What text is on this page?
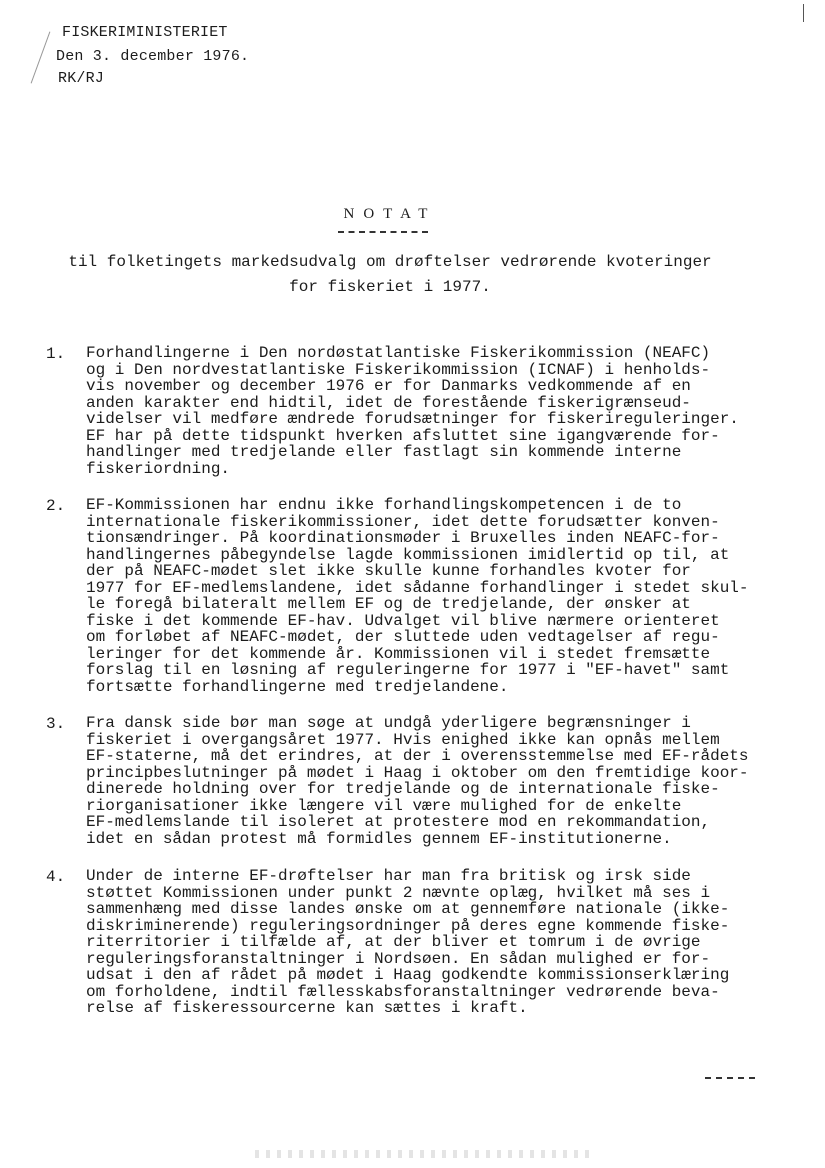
FISKERIMINISTERIET
Den 3. december 1976.
RK/RJ
NOTAT
til folketingets markedsudvalg om drøftelser vedrørende kvoteringer
for fiskeriet i 1977.
1. Forhandlingerne i Den nordøstatlantiske Fiskerikommission (NEAFC)
og i Den nordvestatlantiske Fiskerikommission (ICNAF) i henholds-
vis november og december 1976 er for Danmarks vedkommende af en
anden karakter end hidtil, idet de forestående fiskerigrænseud-
videlser vil medføre ændrede forudsætninger for fiskerireguleringer.
EF har på dette tidspunkt hverken afsluttet sine igangværende for-
handlinger med tredjelande eller fastlagt sin kommende interne
fiskeriordning.
2. EF-Kommissionen har endnu ikke forhandlingskompetencen i de to
internationale fiskerikommissioner, idet dette forudsætter konven-
tionsændringer. På koordinationsmøder i Bruxelles inden NEAFC-for-
handlingernes påbegyndelse lagde kommissionen imidlertid op til, at
der på NEAFC-mødet slet ikke skulle kunne forhandles kvoter for
1977 for EF-medlemslandene, idet sådanne forhandlinger i stedet skul-
le foregå bilateralt mellem EF og de tredjelande, der ønsker at
fiske i det kommende EF-hav. Udvalget vil blive nærmere orienteret
om forløbet af NEAFC-mødet, der sluttede uden vedtagelser af regu-
leringer for det kommende år. Kommissionen vil i stedet fremsætte
forslag til en løsning af reguleringerne for 1977 i "EF-havet" samt
fortsætte forhandlingerne med tredjelandene.
3. Fra dansk side bør man søge at undgå yderligere begrænsninger i
fiskeriet i overgangsåret 1977. Hvis enighed ikke kan opnås mellem
EF-staterne, må det erindres, at der i overensstemmelse med EF-rådets
principbeslutninger på mødet i Haag i oktober om den fremtidige koor-
dinerede holdning over for tredjelande og de internationale fiske-
riorganisationer ikke længere vil være mulighed for de enkelte
EF-medlemslande til isoleret at protestere mod en rekommandation,
idet en sådan protest må formidles gennem EF-institutionerne.
4. Under de interne EF-drøftelser har man fra britisk og irsk side
støttet Kommissionen under punkt 2 nævnte oplæg, hvilket må ses i
sammenhæng med disse landes ønske om at gennemføre nationale (ikke-
diskriminerende) reguleringsordninger på deres egne kommende fiske-
riterritorier i tilfælde af, at der bliver et tomrum i de øvrige
reguleringsforanstaltninger i Nordsøen. En sådan mulighed er for-
udsat i den af rådet på mødet i Haag godkendte kommissionserklæring
om forholdene, indtil fællesskabsforanstaltninger vedrørende beva-
relse af fiskeressourcerne kan sættes i kraft.
